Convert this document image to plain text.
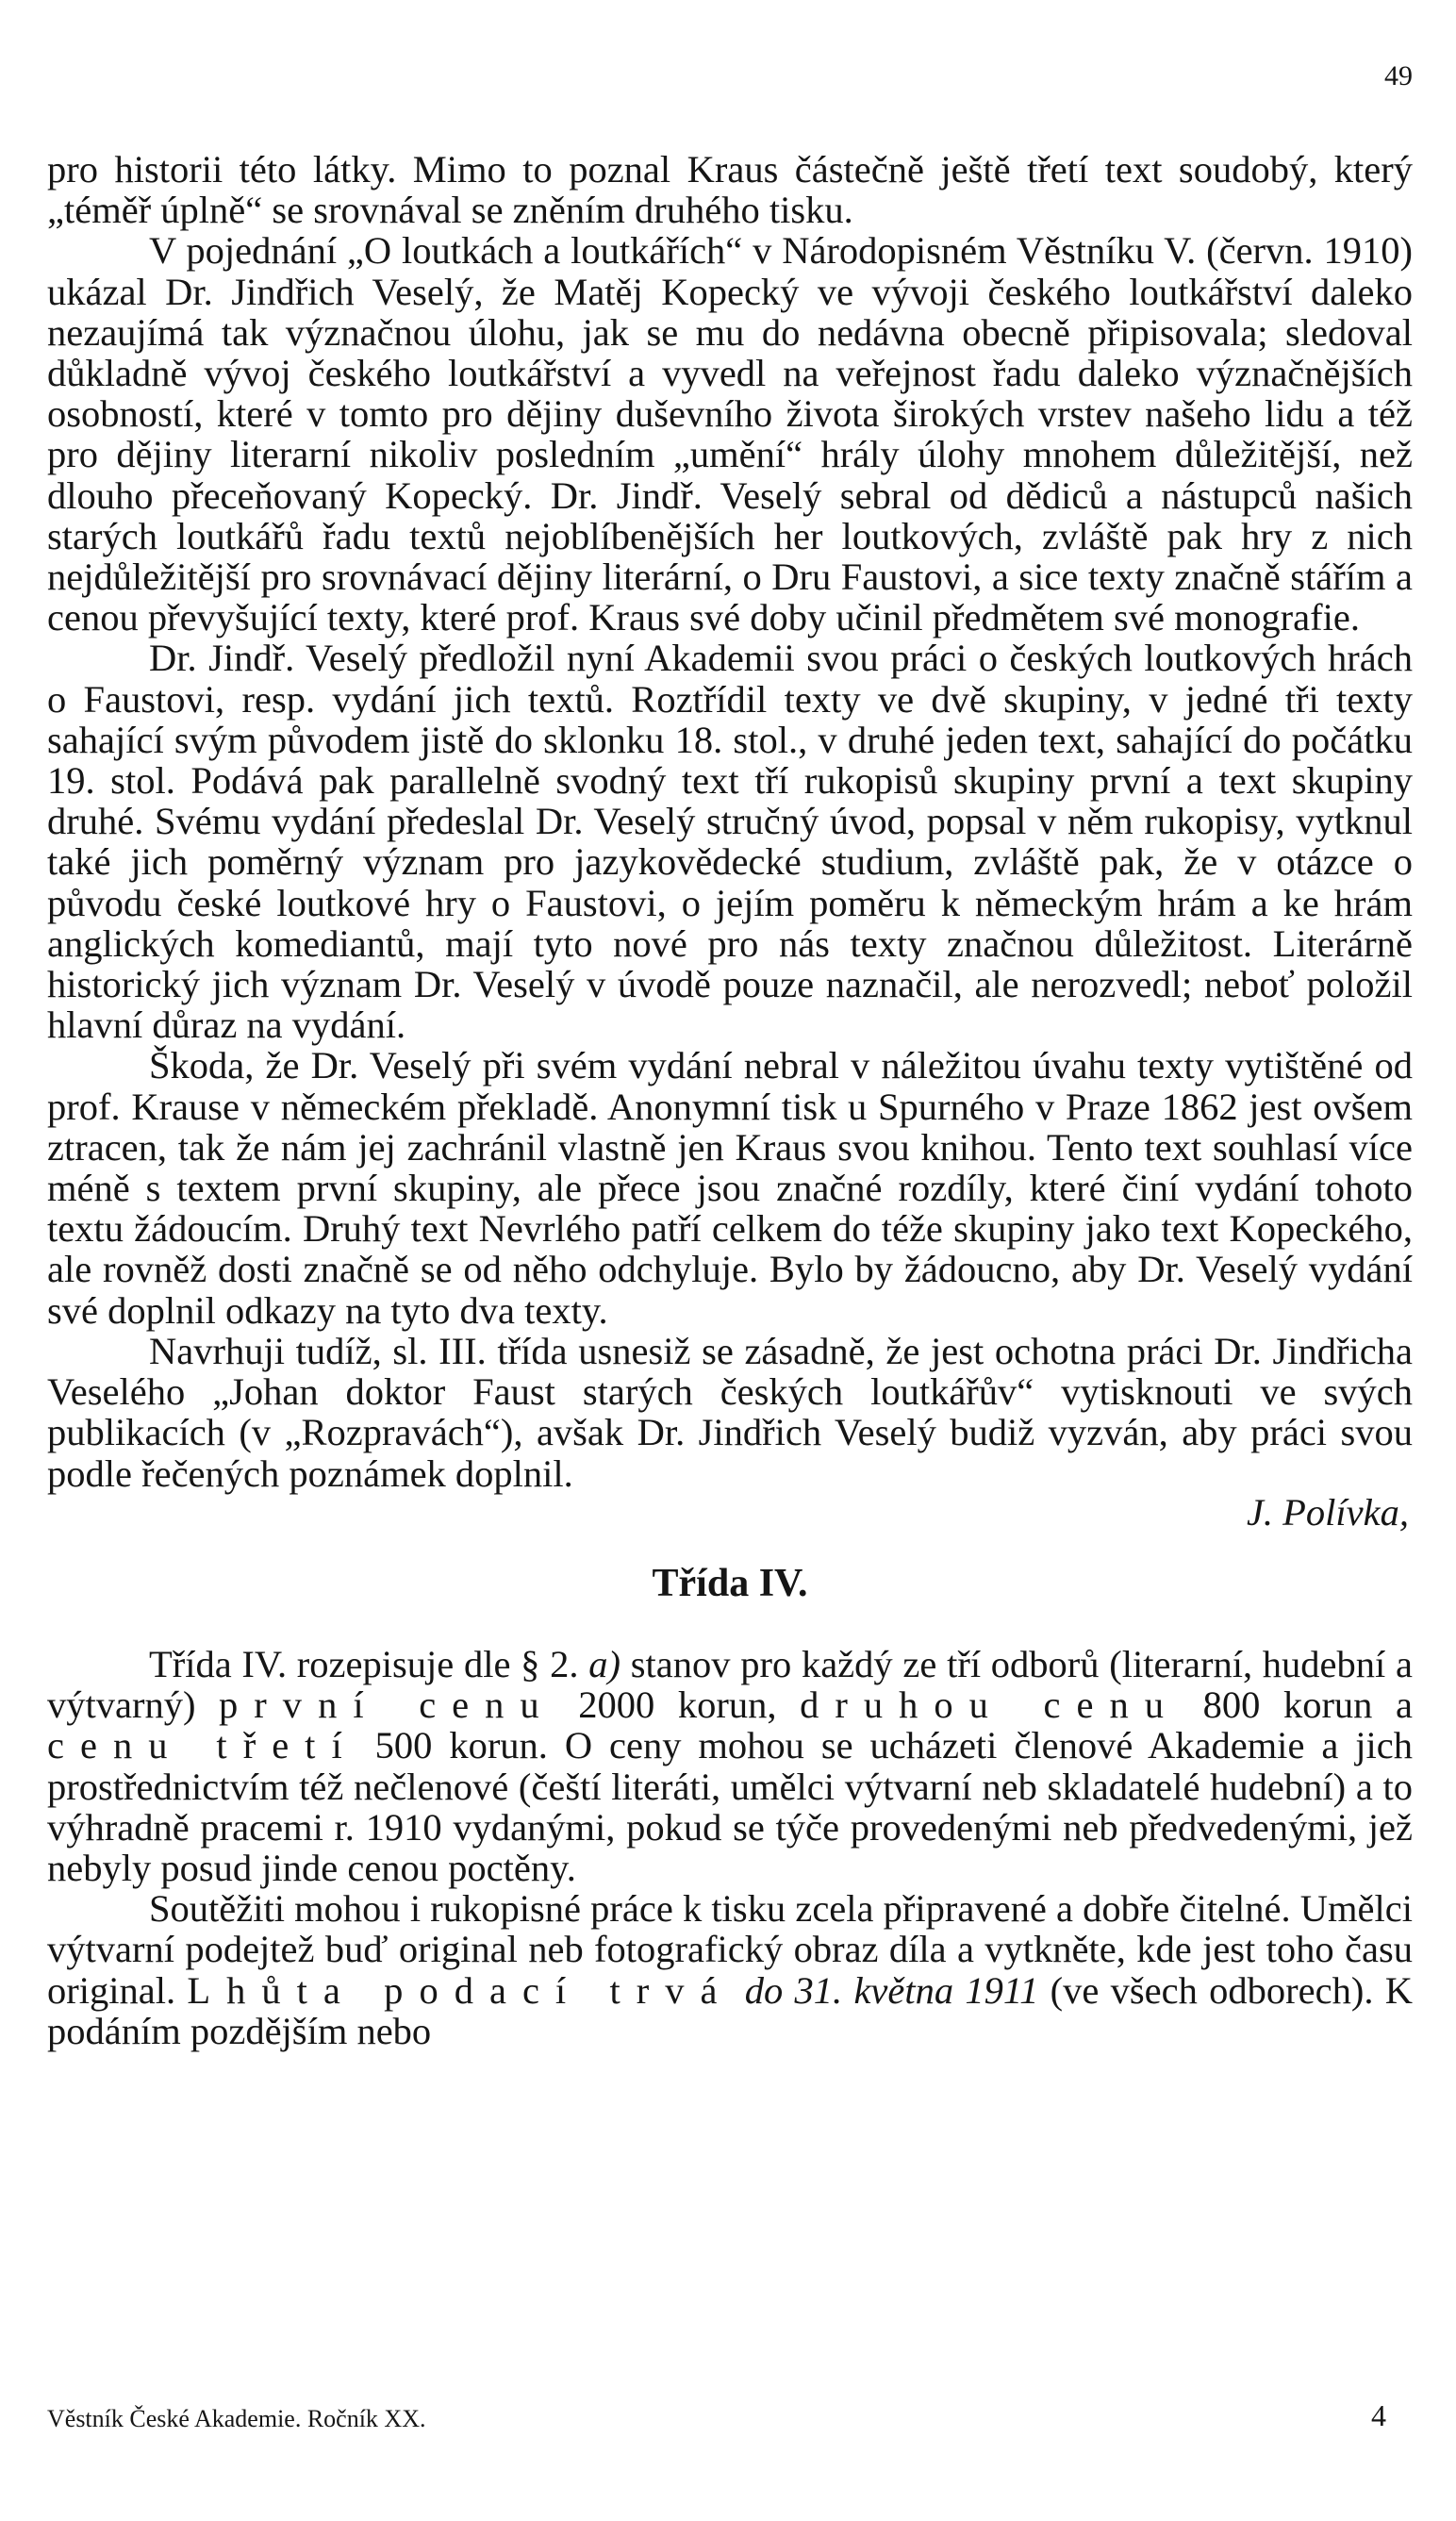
49

pro historii této látky. Mimo to poznal Kraus částečně ještě třetí text soudobý, který „téměř úplně“ se srovnával se zněním druhého tisku.

V pojednání „O loutkách a loutkářích“ v Národopisném Věstníku V. (červn. 1910) ukázal Dr. Jindřich Veselý, že Matěj Kopecký ve vývoji českého loutkářství daleko nezaujímá tak význačnou úlohu, jak se mu do nedávna obecně připisovala; sledoval důkladně vývoj českého loutkářství a vyvedl na veřejnost řadu daleko význačnějších osobností, které v tomto pro dějiny duševního života širokých vrstev našeho lidu a též pro dějiny literarní nikoliv posledním „umění“ hrály úlohy mnohem důležitější, než dlouho přeceňovaný Kopecký. Dr. Jindř. Veselý sebral od dědiců a nástupců našich starých loutkářů řadu textů nejoblíbenějších her loutkových, zvláště pak hry z nich nejdůležitější pro srovnávací dějiny literární, o Dru Faustovi, a sice texty značně stářím a cenou převyšující texty, které prof. Kraus své doby učinil předmětem své monografie.

Dr. Jindř. Veselý předložil nyní Akademii svou práci o českých loutkových hrách o Faustovi, resp. vydání jich textů. Roztřídil texty ve dvě skupiny, v jedné tři texty sahající svým původem jistě do sklonku 18. stol., v druhé jeden text, sahající do počátku 19. stol. Podává pak parallelně svodný text tří rukopisů skupiny první a text skupiny druhé. Svému vydání předeslal Dr. Veselý stručný úvod, popsal v něm rukopisy, vytknul také jich poměrný význam pro jazykovědecké studium, zvláště pak, že v otázce o původu české loutkové hry o Faustovi, o jejím poměru k německým hrám a ke hrám anglických komediantů, mají tyto nové pro nás texty značnou důležitost. Literárně historický jich význam Dr. Veselý v úvodě pouze naznačil, ale nerozvedl; neboť položil hlavní důraz na vydání.

Škoda, že Dr. Veselý při svém vydání nebral v náležitou úvahu texty vytištěné od prof. Krause v německém překladě. Anonymní tisk u Spurného v Praze 1862 jest ovšem ztracen, tak že nám jej zachránil vlastně jen Kraus svou knihou. Tento text souhlasí více méně s textem první skupiny, ale přece jsou značné rozdíly, které činí vydání tohoto textu žádoucím. Druhý text Nevrlého patří celkem do téže skupiny jako text Kopeckého, ale rovněž dosti značně se od něho odchyluje. Bylo by žádoucno, aby Dr. Veselý vydání své doplnil odkazy na tyto dva texty.

Navrhuji tudíž, sl. III. třída usnesiž se zásadně, že jest ochotna práci Dr. Jindřicha Veselého „Johan doktor Faust starých českých loutkářův“ vytisknouti ve svých publikacích (v „Rozpravách“), avšak Dr. Jindřich Veselý budiž vyzván, aby práci svou podle řečených poznámek doplnil.

J. Polívka,
Třída IV.

Třída IV. rozepisuje dle § 2. a) stanov pro každý ze tří odborů (literarní, hudební a výtvarný) první cenu 2000 korun, druhou cenu 800 korun a cenu třetí 500 korun. O ceny mohou se ucházeti členové Akademie a jich prostřednictvím též nečlenové (čeští literáti, umělci výtvarní neb skladatelé hudební) a to výhradně pracemi r. 1910 vydanými, pokud se týče provedenými neb předvedenými, jež nebyly posud jinde cenou poctěny.

Soutěžiti mohou i rukopisné práce k tisku zcela připravené a dobře čitelné. Umělci výtvarní podejtež buď original neb fotografický obraz díla a vytkněte, kde jest toho času original. Lhůta podací trvá do 31. května 1911 (ve všech odborech). K podáním pozdějším nebo

Věstník České Akademie. Ročník XX.	4
